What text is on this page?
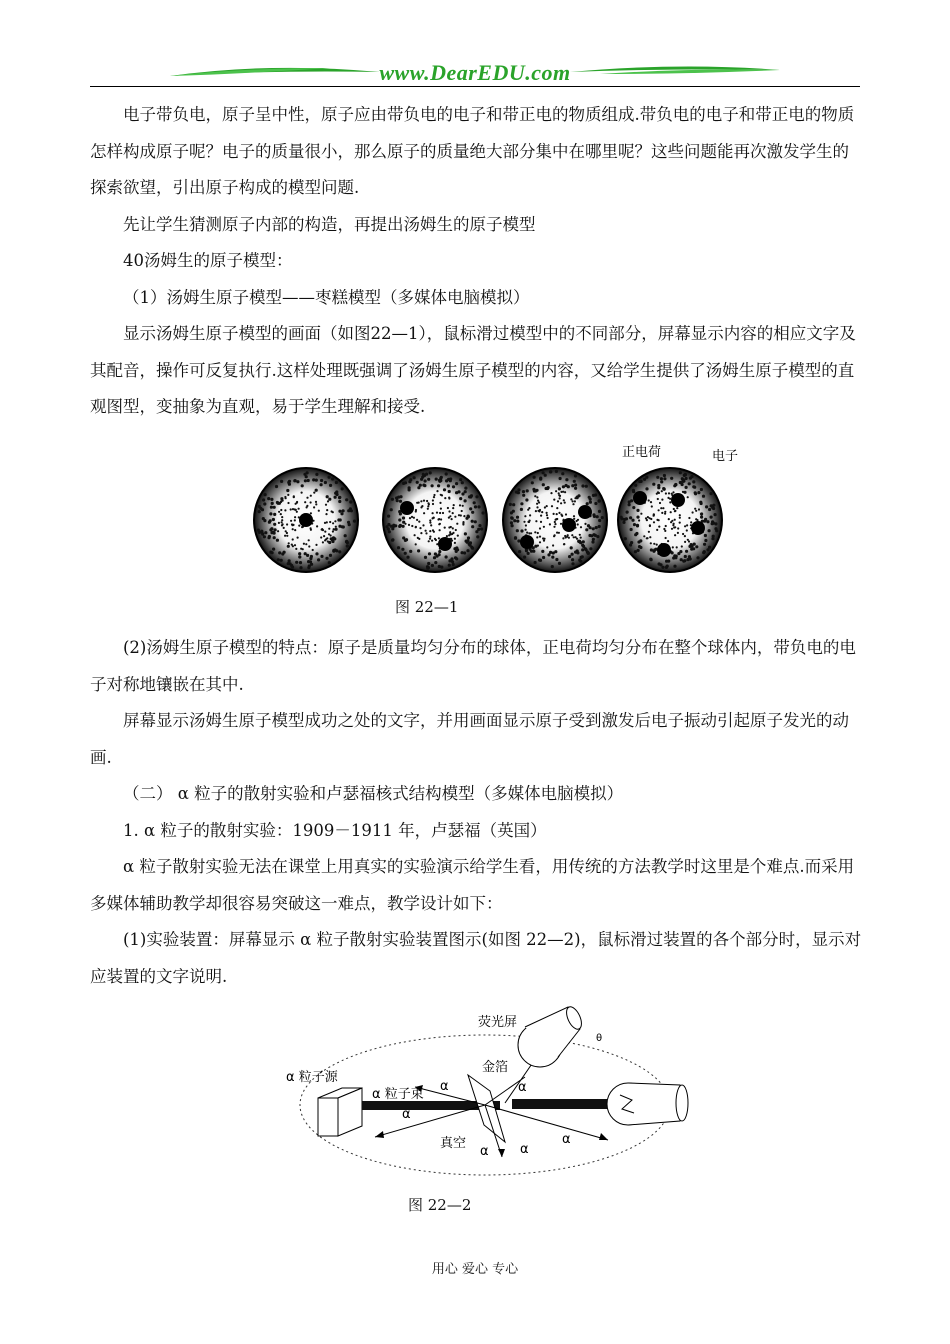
www.DearEDU.com

电子带负电，原子呈中性，原子应由带负电的电子和带正电的物质组成.带负电的电子和带正电的物质怎样构成原子呢？电子的质量很小，那么原子的质量绝大部分集中在哪里呢？这些问题能再次激发学生的探索欲望，引出原子构成的模型问题.

先让学生猜测原子内部的构造，再提出汤姆生的原子模型

40汤姆生的原子模型：

（1）汤姆生原子模型——枣糕模型（多媒体电脑模拟）

显示汤姆生原子模型的画面（如图22—1），鼠标滑过模型中的不同部分，屏幕显示内容的相应文字及其配音，操作可反复执行.这样处理既强调了汤姆生原子模型的内容，又给学生提供了汤姆生原子模型的直观图型，变抽象为直观，易于学生理解和接受.

正电荷	电子
图 22—1

(2)汤姆生原子模型的特点：原子是质量均匀分布的球体，正电荷均匀分布在整个球体内，带负电的电子对称地镶嵌在其中.

屏幕显示汤姆生原子模型成功之处的文字，并用画面显示原子受到激发后电子振动引起原子发光的动画.

（二） α 粒子的散射实验和卢瑟福核式结构模型（多媒体电脑模拟）

1. α 粒子的散射实验：1909－1911 年，卢瑟福（英国）

α 粒子散射实验无法在课堂上用真实的实验演示给学生看，用传统的方法教学时这里是个难点.而采用多媒体辅助教学却很容易突破这一难点，教学设计如下：

(1)实验装置：屏幕显示 α 粒子散射实验装置图示(如图 22—2)，鼠标滑过装置的各个部分时，显示对应装置的文字说明.

荧光屏
金箔
α 粒子源
α 粒子束
真空
α
α
α
α α
α
θ
图 22—2
用心 爱心 专心
